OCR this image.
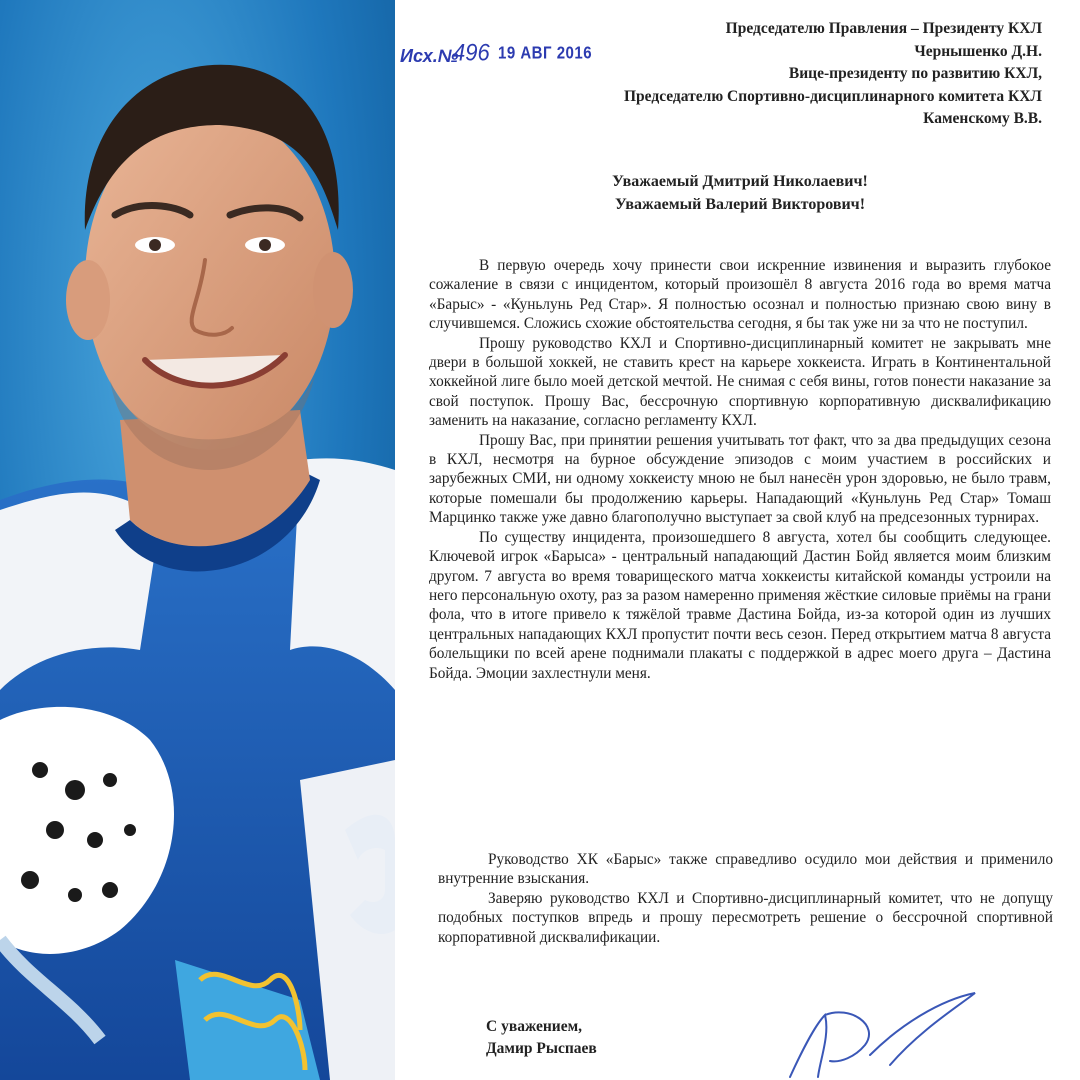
Исх.№
496 19 АВГ 2016
Председателю Правления – Президенту КХЛ
Чернышенко Д.Н.
Вице-президенту по развитию КХЛ,
Председателю Спортивно-дисциплинарного комитета КХЛ
Каменскому В.В.
Уважаемый Дмитрий Николаевич!
Уважаемый Валерий Викторович!

В первую очередь хочу принести свои искренние извинения и выразить глубокое сожаление в связи с инцидентом, который произошёл 8 августа 2016 года во время матча «Барыс» - «Куньлунь Ред Стар». Я полностью осознал и полностью признаю свою вину в случившемся. Сложись схожие обстоятельства сегодня, я бы так уже ни за что не поступил.

Прошу руководство КХЛ и Спортивно-дисциплинарный комитет не закрывать мне двери в большой хоккей, не ставить крест на карьере хоккеиста. Играть в Континентальной хоккейной лиге было моей детской мечтой. Не снимая с себя вины, готов понести наказание за свой поступок. Прошу Вас, бессрочную спортивную корпоративную дисквалификацию заменить на наказание, согласно регламенту КХЛ.

Прошу Вас, при принятии решения учитывать тот факт, что за два предыдущих сезона в КХЛ, несмотря на бурное обсуждение эпизодов с моим участием в российских и зарубежных СМИ, ни одному хоккеисту мною не был нанесён урон здоровью, не было травм, которые помешали бы продолжению карьеры. Нападающий «Куньлунь Ред Стар» Томаш Марцинко также уже давно благополучно выступает за свой клуб на предсезонных турнирах.

По существу инцидента, произошедшего 8 августа, хотел бы сообщить следующее. Ключевой игрок «Барыса» - центральный нападающий Дастин Бойд является моим близким другом. 7 августа во время товарищеского матча хоккеисты китайской команды устроили на него персональную охоту, раз за разом намеренно применяя жёсткие силовые приёмы на грани фола, что в итоге привело к тяжёлой травме Дастина Бойда, из-за которой один из лучших центральных нападающих КХЛ пропустит почти весь сезон. Перед открытием матча 8 августа болельщики по всей арене поднимали плакаты с поддержкой в адрес моего друга – Дастина Бойда. Эмоции захлестнули меня.

Руководство ХК «Барыс» также справедливо осудило мои действия и применило внутренние взыскания.

Заверяю руководство КХЛ и Спортивно-дисциплинарный комитет, что не допущу подобных поступков впредь и прошу пересмотреть решение о бессрочной спортивной корпоративной дисквалификации.

С уважением,
Дамир Рыспаев
